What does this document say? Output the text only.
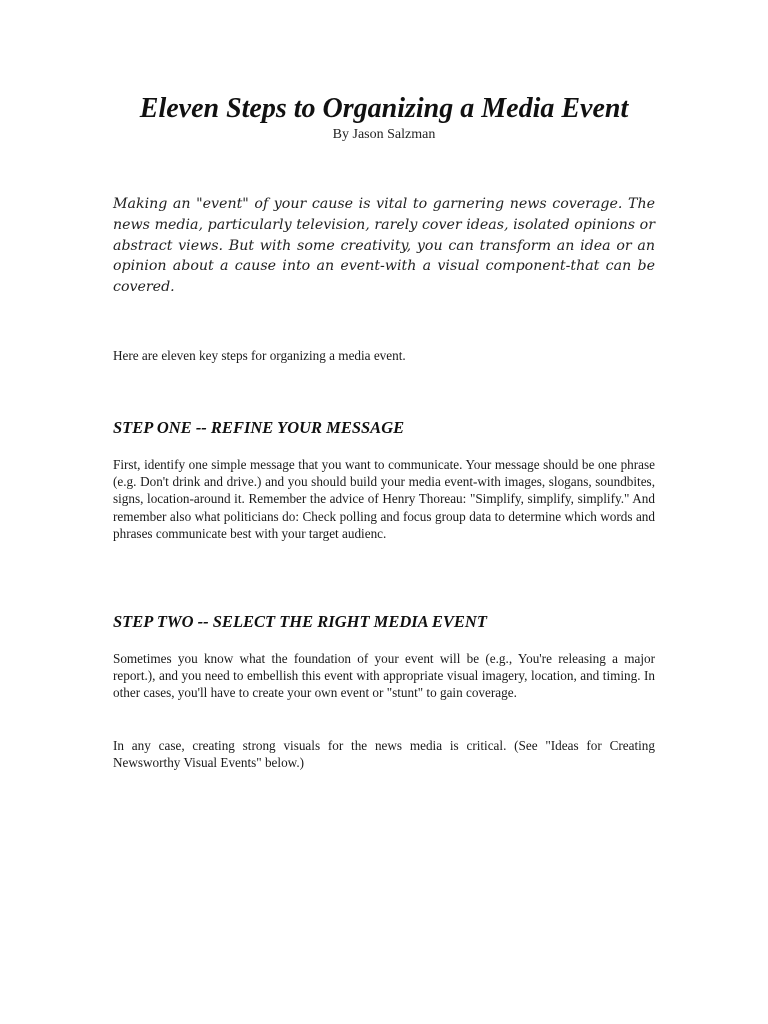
Eleven Steps to Organizing a Media Event

By Jason Salzman

Making an "event" of your cause is vital to garnering news coverage. The news media, particularly television, rarely cover ideas, isolated opinions or abstract views. But with some creativity, you can transform an idea or an opinion about a cause into an event-with a visual component-that can be covered.

Here are eleven key steps for organizing a media event.

STEP ONE -- REFINE YOUR MESSAGE

First, identify one simple message that you want to communicate. Your message should be one phrase (e.g. Don't drink and drive.) and you should build your media event-with images, slogans, soundbites, signs, location-around it. Remember the advice of Henry Thoreau: "Simplify, simplify, simplify." And remember also what politicians do: Check polling and focus group data to determine which words and phrases communicate best with your target audienc.

STEP TWO -- SELECT THE RIGHT MEDIA EVENT

Sometimes you know what the foundation of your event will be (e.g., You're releasing a major report.), and you need to embellish this event with appropriate visual imagery, location, and timing. In other cases, you'll have to create your own event or "stunt" to gain coverage.

In any case, creating strong visuals for the news media is critical. (See "Ideas for Creating Newsworthy Visual Events" below.)
